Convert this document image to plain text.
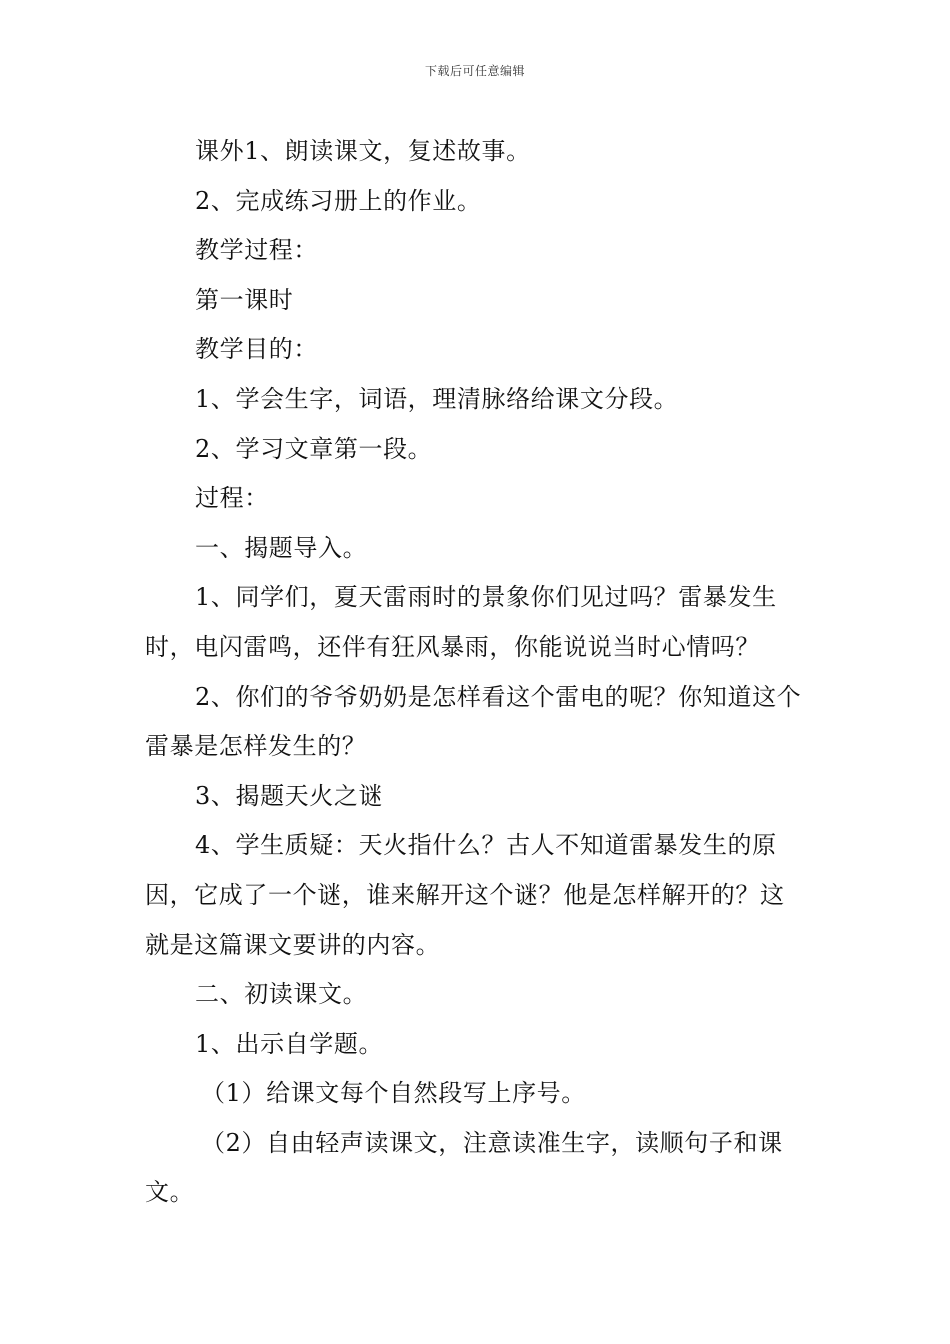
下载后可任意编辑

课外1、朗读课文，复述故事。

2、完成练习册上的作业。

教学过程：

第一课时

教学目的：

1、学会生字，词语，理清脉络给课文分段。

2、学习文章第一段。

过程：

一、揭题导入。

1、同学们，夏天雷雨时的景象你们见过吗？雷暴发生时，电闪雷鸣，还伴有狂风暴雨，你能说说当时心情吗？

2、你们的爷爷奶奶是怎样看这个雷电的呢？你知道这个雷暴是怎样发生的？

3、揭题天火之谜

4、学生质疑：天火指什么？古人不知道雷暴发生的原因，它成了一个谜，谁来解开这个谜？他是怎样解开的？这就是这篇课文要讲的内容。

二、初读课文。

1、出示自学题。

（1）给课文每个自然段写上序号。

（2）自由轻声读课文，注意读准生字，读顺句子和课文。
